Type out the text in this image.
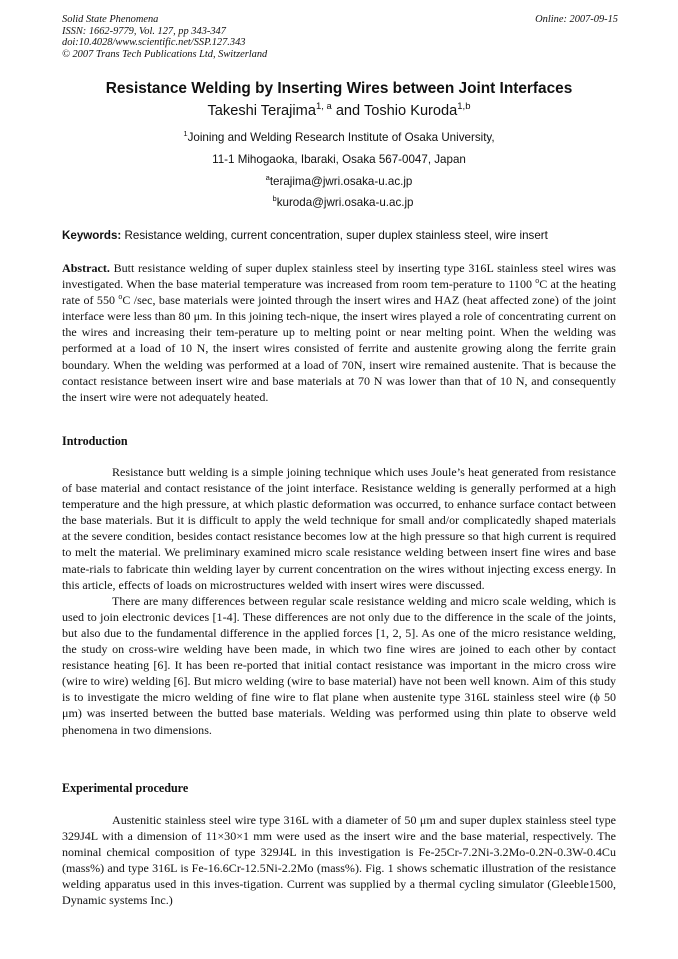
Solid State Phenomena
ISSN: 1662-9779, Vol. 127, pp 343-347
doi:10.4028/www.scientific.net/SSP.127.343
© 2007 Trans Tech Publications Ltd, Switzerland
Online: 2007-09-15
Resistance Welding by Inserting Wires between Joint Interfaces
Takeshi Terajima$^{1, a}$ and Toshio Kuroda$^{1,b}$
$^1$Joining and Welding Research Institute of Osaka University,
11-1 Mihogaoka, Ibaraki, Osaka 567-0047, Japan
$^a$terajima@jwri.osaka-u.ac.jp
$^b$kuroda@jwri.osaka-u.ac.jp
Keywords: Resistance welding, current concentration, super duplex stainless steel, wire insert

Abstract. Butt resistance welding of super duplex stainless steel by inserting type 316L stainless steel wires was investigated. When the base material temperature was increased from room tem-perature to 1100 $^o$C at the heating rate of 550 $^o$C /sec, base materials were jointed through the insert wires and HAZ (heat affected zone) of the joint interface were less than 80 μm. In this joining tech-nique, the insert wires played a role of concentrating current on the wires and increasing their tem-perature up to melting point or near melting point. When the welding was performed at a load of 10 N, the insert wires consisted of ferrite and austenite growing along the ferrite grain boundary. When the welding was performed at a load of 70N, insert wire remained austenite. That is because the contact resistance between insert wire and base materials at 70 N was lower than that of 10 N, and consequently the insert wire were not adequately heated.

Introduction

Resistance butt welding is a simple joining technique which uses Joule’s heat generated from resistance of base material and contact resistance of the joint interface. Resistance welding is generally performed at a high temperature and the high pressure, at which plastic deformation was occurred, to enhance surface contact between the base materials. But it is difficult to apply the weld technique for small and/or complicatedly shaped materials at the severe condition, besides contact resistance becomes low at the high pressure so that high current is required to melt the material. We preliminary examined micro scale resistance welding between insert fine wires and base mate-rials to fabricate thin welding layer by current concentration on the wires without injecting excess energy. In this article, effects of loads on microstructures welded with insert wires were discussed.

There are many differences between regular scale resistance welding and micro scale welding, which is used to join electronic devices [1-4]. These differences are not only due to the difference in the scale of the joints, but also due to the fundamental difference in the applied forces [1, 2, 5]. As one of the micro resistance welding, the study on cross-wire welding have been made, in which two fine wires are joined to each other by contact resistance heating [6]. It has been re-ported that initial contact resistance was important in the micro cross wire (wire to wire) welding [6]. But micro welding (wire to base material) have not been well known. Aim of this study is to investigate the micro welding of fine wire to flat plane when austenite type 316L stainless steel wire (ϕ 50 μm) was inserted between the butted base materials. Welding was performed using thin plate to observe weld phenomena in two dimensions.

Experimental procedure

Austenitic stainless steel wire type 316L with a diameter of 50 μm and super duplex stainless steel type 329J4L with a dimension of 11×30×1 mm were used as the insert wire and the base material, respectively. The nominal chemical composition of type 329J4L in this investigation is Fe-25Cr-7.2Ni-3.2Mo-0.2N-0.3W-0.4Cu (mass%) and type 316L is Fe-16.6Cr-12.5Ni-2.2Mo (mass%). Fig. 1 shows schematic illustration of the resistance welding apparatus used in this inves-tigation. Current was supplied by a thermal cycling simulator (Gleeble1500, Dynamic systems Inc.)
